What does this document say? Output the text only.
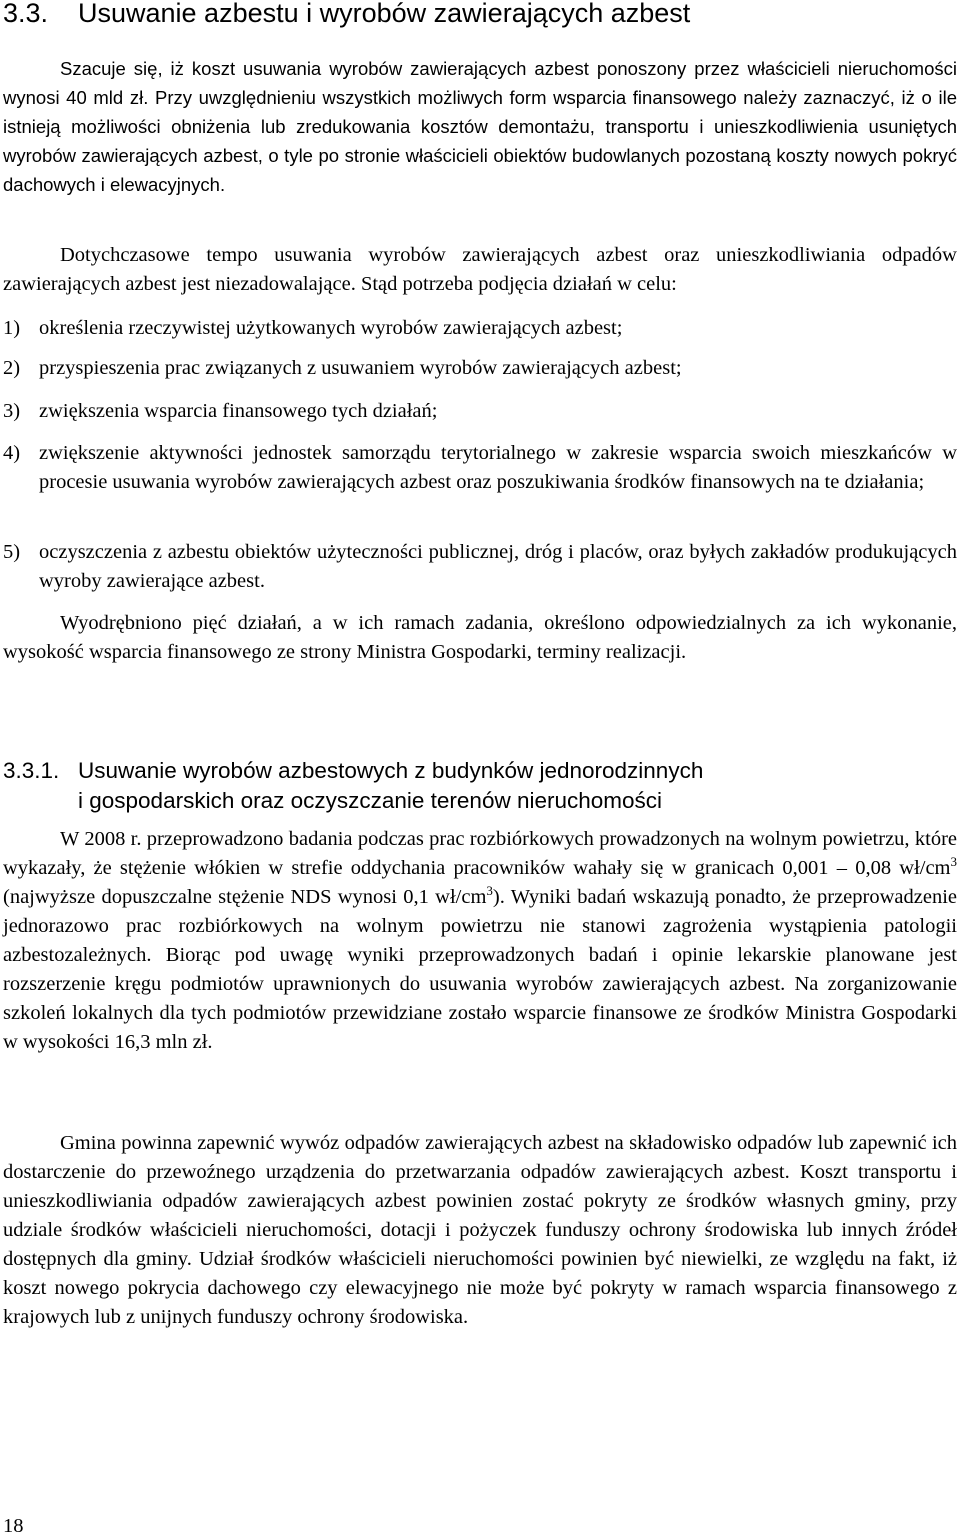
3.3. Usuwanie azbestu i wyrobów zawierających azbest

Szacuje się, iż koszt usuwania wyrobów zawierających azbest ponoszony przez właścicieli nieruchomości wynosi 40 mld zł. Przy uwzględnieniu wszystkich możliwych form wsparcia finansowego należy zaznaczyć, iż o ile istnieją możliwości obniżenia lub zredukowania kosztów demontażu, transportu i unieszkodliwienia usuniętych wyrobów zawierających azbest, o tyle po stronie właścicieli obiektów budowlanych pozostaną koszty nowych pokryć dachowych i elewacyjnych.

Dotychczasowe tempo usuwania wyrobów zawierających azbest oraz unieszkodliwiania odpadów zawierających azbest jest niezadowalające. Stąd potrzeba podjęcia działań w celu:

1) określenia rzeczywistej użytkowanych wyrobów zawierających azbest;

2) przyspieszenia prac związanych z usuwaniem wyrobów zawierających azbest;

3) zwiększenia wsparcia finansowego tych działań;

4) zwiększenie aktywności jednostek samorządu terytorialnego w zakresie wsparcia swoich mieszkańców w procesie usuwania wyrobów zawierających azbest oraz poszukiwania środków finansowych na te działania;

5) oczyszczenia z azbestu obiektów użyteczności publicznej, dróg i placów, oraz byłych zakładów produkujących wyroby zawierające azbest.

Wyodrębniono pięć działań, a w ich ramach zadania, określono odpowiedzialnych za ich wykonanie, wysokość wsparcia finansowego ze strony Ministra Gospodarki, terminy realizacji.

3.3.1. Usuwanie wyrobów azbestowych z budynków jednorodzinnych
i gospodarskich oraz oczyszczanie terenów nieruchomości

W 2008 r. przeprowadzono badania podczas prac rozbiórkowych prowadzonych na wolnym powietrzu, które wykazały, że stężenie włókien w strefie oddychania pracowników wahały się w granicach 0,001 – 0,08 $wł/cm^3$ (najwyższe dopuszczalne stężenie NDS wynosi 0,1 $wł/cm^3$). Wyniki badań wskazują ponadto, że przeprowadzenie jednorazowo prac rozbiórkowych na wolnym powietrzu nie stanowi zagrożenia wystąpienia patologii azbestozależnych. Biorąc pod uwagę wyniki przeprowadzonych badań i opinie lekarskie planowane jest rozszerzenie kręgu podmiotów uprawnionych do usuwania wyrobów zawierających azbest. Na zorganizowanie szkoleń lokalnych dla tych podmiotów przewidziane zostało wsparcie finansowe ze środków Ministra Gospodarki w wysokości 16,3 mln zł.

Gmina powinna zapewnić wywóz odpadów zawierających azbest na składowisko odpadów lub zapewnić ich dostarczenie do przewoźnego urządzenia do przetwarzania odpadów zawierających azbest. Koszt transportu i unieszkodliwiania odpadów zawierających azbest powinien zostać pokryty ze środków własnych gminy, przy udziale środków właścicieli nieruchomości, dotacji i pożyczek funduszy ochrony środowiska lub innych źródeł dostępnych dla gminy. Udział środków właścicieli nieruchomości powinien być niewielki, ze względu na fakt, iż koszt nowego pokrycia dachowego czy elewacyjnego nie może być pokryty w ramach wsparcia finansowego z krajowych lub z unijnych funduszy ochrony środowiska.

18
